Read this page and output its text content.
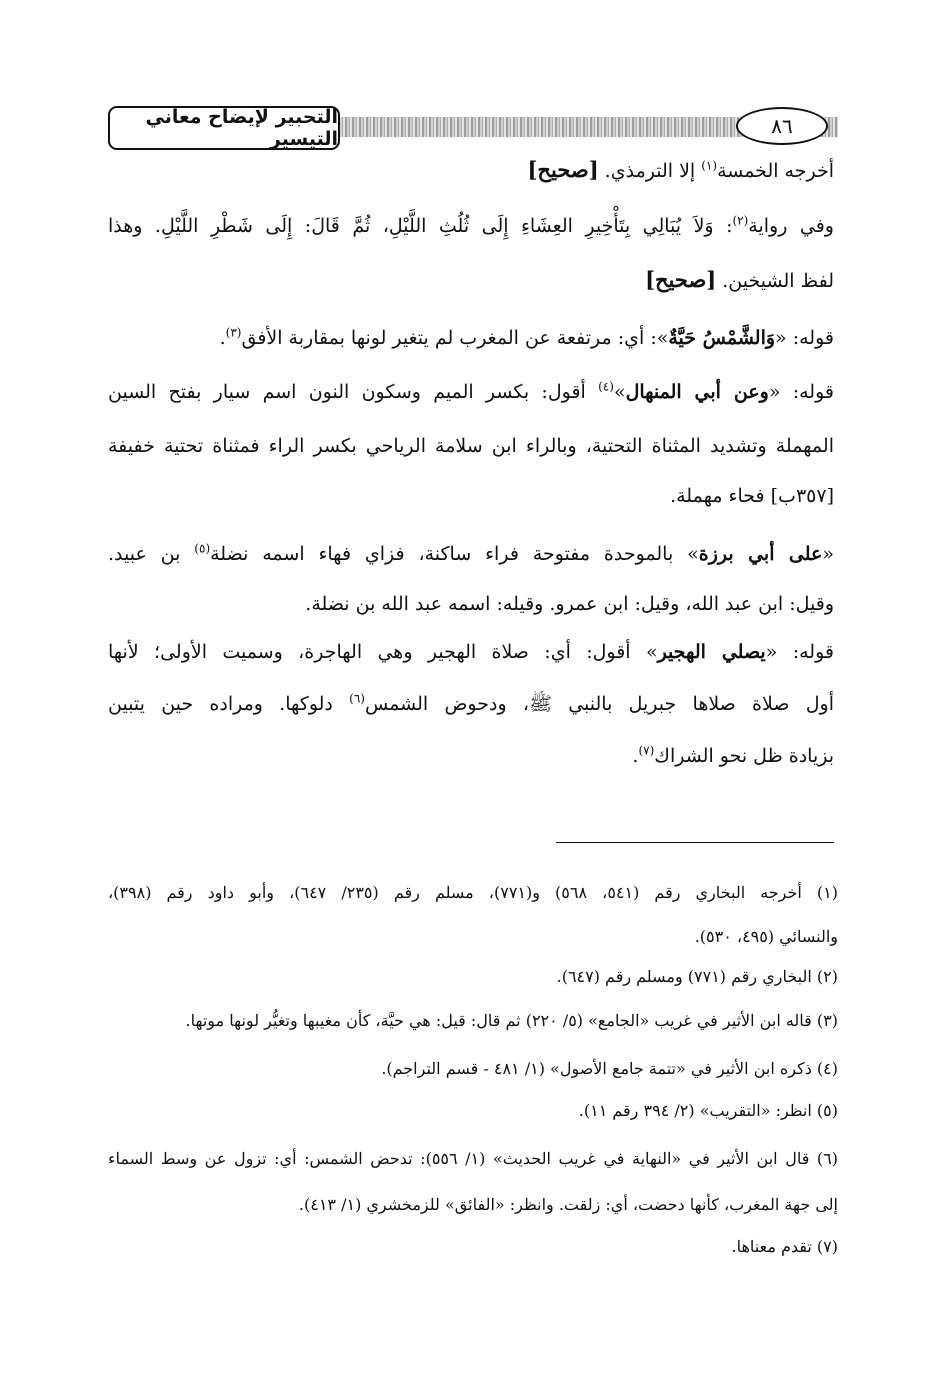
التحبير لإيضاح معاني التيسير
٨٦
أخرجه الخمسة$^{(١)}$ إلا الترمذي. [صحيح]
وفي رواية$^{(٢)}$: وَلاَ يُبَالِي بِتَأْخِيرِ العِشَاءِ إِلَى ثُلُثِ اللَّيْلِ، ثُمَّ قَالَ: إِلَى شَطْرِ اللَّيْلِ. وهذا
لفظ الشيخين. [صحيح]
قوله: «وَالشَّمْسُ حَيَّةٌ»: أي: مرتفعة عن المغرب لم يتغير لونها بمقاربة الأفق$^{(٣)}$.
قوله: «وعن أبي المنهال»$^{(٤)}$ أقول: بكسر الميم وسكون النون اسم سيار بفتح السين
المهملة وتشديد المثناة التحتية، وبالراء ابن سلامة الرياحي بكسر الراء فمثناة تحتية خفيفة
[٣٥٧ب] فحاء مهملة.
«على أبي برزة» بالموحدة مفتوحة فراء ساكنة، فزاي فهاء اسمه نضلة$^{(٥)}$ بن عبيد.
وقيل: ابن عبد الله، وقيل: ابن عمرو. وقيله: اسمه عبد الله بن نضلة.
قوله: «يصلي الهجير» أقول: أي: صلاة الهجير وهي الهاجرة، وسميت الأولى؛ لأنها
أول صلاة صلاها جبريل بالنبي ﷺ، ودحوض الشمس$^{(٦)}$ دلوكها. ومراده حين يتبين
بزيادة ظل نحو الشراك$^{(٧)}$.
(١) أخرجه البخاري رقم (٥٤١، ٥٦٨) و(٧٧١)، مسلم رقم (٢٣٥/ ٦٤٧)، وأبو داود رقم (٣٩٨)،
والنسائي (٤٩٥، ٥٣٠).
(٢) البخاري رقم (٧٧١) ومسلم رقم (٦٤٧).
(٣) قاله ابن الأثير في غريب «الجامع» (٥/ ٢٢٠) ثم قال: قيل: هي حيَّة، كأن مغيبها وتغيُّر لونها موتها.
(٤) ذكره ابن الأثير في «تتمة جامع الأصول» (١/ ٤٨١ - قسم التراجم).
(٥) انظر: «التقريب» (٢/ ٣٩٤ رقم ١١).
(٦) قال ابن الأثير في «النهاية في غريب الحديث» (١/ ٥٥٦): تدحض الشمس: أي: تزول عن وسط السماء
إلى جهة المغرب، كأنها دحضت، أي: زلقت. وانظر: «الفائق» للزمخشري (١/ ٤١٣).
(٧) تقدم معناها.
